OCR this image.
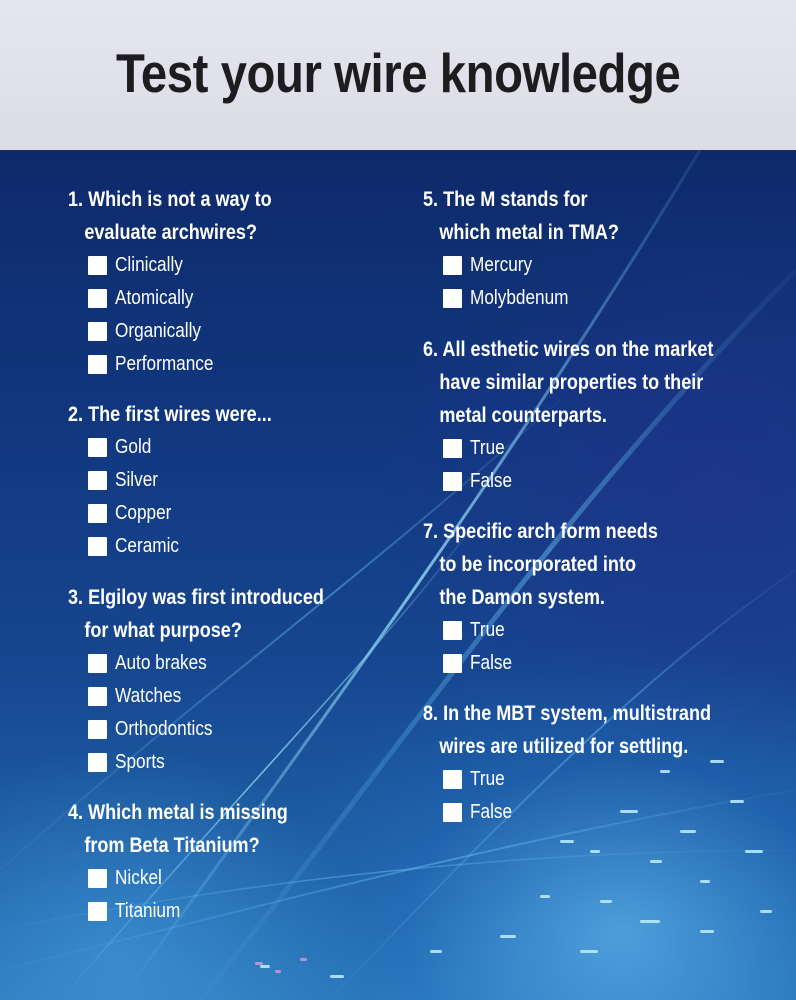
Test your wire knowledge
1. Which is not a way to
evaluate archwires?
Clinically
Atomically
Organically
Performance
2. The first wires were...
Gold
Silver
Copper
Ceramic
3. Elgiloy was first introduced
for what purpose?
Auto brakes
Watches
Orthodontics
Sports
4. Which metal is missing
from Beta Titanium?
Nickel
Titanium
5. The M stands for
which metal in TMA?
Mercury
Molybdenum
6. All esthetic wires on the market
have similar properties to their
metal counterparts.
True
False
7. Specific arch form needs
to be incorporated into
the Damon system.
True
False
8. In the MBT system, multistrand
wires are utilized for settling.
True
False
